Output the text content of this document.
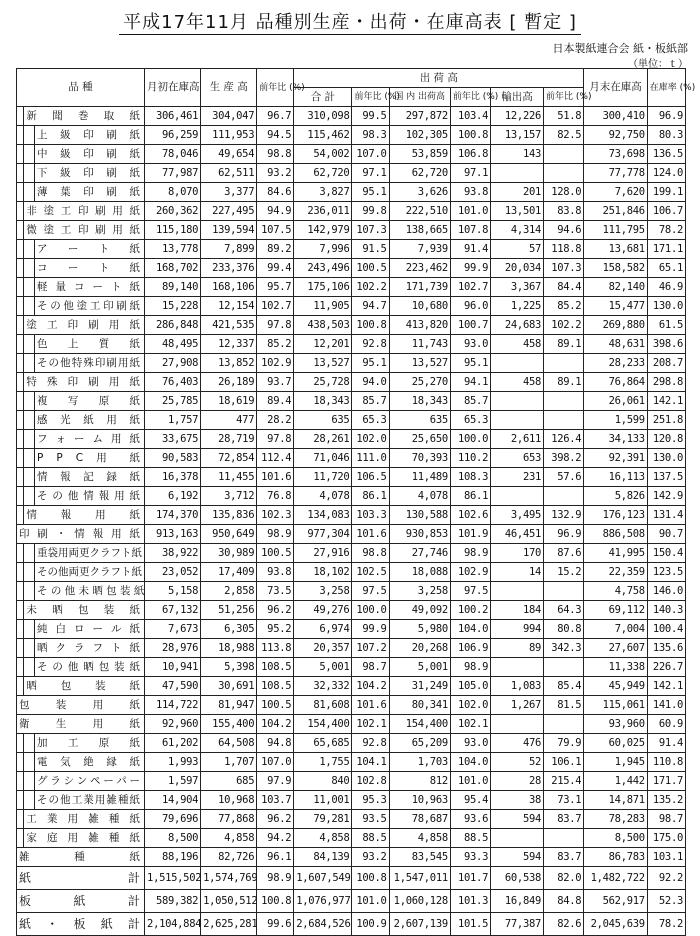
平成17年11月 品種別生産・出荷・在庫高表 [ 暫定 ]
日本製紙連合会 紙・板紙部
（単位：ｔ）
品 種			月初在庫高	生 産 高	前年比 (%)	出 荷 高						月末在庫高	在庫率 (%)
						合 計	前年比 (%)	国 内 出荷高	前年比 (%)	輸出高	前年比 (%)		
	新 聞 巻 取 紙		306,461	304,047	96.7	310,098	99.5	297,872	103.4	12,226	51.8	300,410	96.9
		上 級 印 刷 紙	96,259	111,953	94.5	115,462	98.3	102,305	100.8	13,157	82.5	92,750	80.3
		中 級 印 刷 紙	78,046	49,654	98.8	54,002	107.0	53,859	106.8	143		73,698	136.5
		下 級 印 刷 紙	77,987	62,511	93.2	62,720	97.1	62,720	97.1			77,778	124.0
		薄 葉 印 刷 紙	8,070	3,377	84.6	3,827	95.1	3,626	93.8	201	128.0	7,620	199.1
	非塗工印刷用紙		260,362	227,495	94.9	236,011	99.8	222,510	101.0	13,501	83.8	251,846	106.7
	微塗工印刷用紙		115,180	139,594	107.5	142,979	107.3	138,665	107.8	4,314	94.6	111,795	78.2
		ア ー ト 紙	13,778	7,899	89.2	7,996	91.5	7,939	91.4	57	118.8	13,681	171.1
		コ ー ト 紙	168,702	233,376	99.4	243,496	100.5	223,462	99.9	20,034	107.3	158,582	65.1
		軽 量 コ ー ト 紙	89,140	168,106	95.7	175,106	102.2	171,739	102.7	3,367	84.4	82,140	46.9
		その他塗工印刷紙	15,228	12,154	102.7	11,905	94.7	10,680	96.0	1,225	85.2	15,477	130.0
	塗 工 印 刷 用 紙		286,848	421,535	97.8	438,503	100.8	413,820	100.7	24,683	102.2	269,880	61.5
		色 上 質 紙	48,495	12,337	85.2	12,201	92.8	11,743	93.0	458	89.1	48,631	398.6
		その他特殊印刷用紙	27,908	13,852	102.9	13,527	95.1	13,527	95.1			28,233	208.7
	特 殊 印 刷 用 紙		76,403	26,189	93.7	25,728	94.0	25,270	94.1	458	89.1	76,864	298.8
		複 写 原 紙	25,785	18,619	89.4	18,343	85.7	18,343	85.7			26,061	142.1
		感 光 紙 用 紙	1,757	477	28.2	635	65.3	635	65.3			1,599	251.8
		フ ォ ー ム 用 紙	33,675	28,719	97.8	28,261	102.0	25,650	100.0	2,611	126.4	34,133	120.8
		P P C 用 紙	90,583	72,854	112.4	71,046	111.0	70,393	110.2	653	398.2	92,391	130.0
		情 報 記 録 紙	16,378	11,455	101.6	11,720	106.5	11,489	108.3	231	57.6	16,113	137.5
		その他情報用紙	6,192	3,712	76.8	4,078	86.1	4,078	86.1			5,826	142.9
	情 報 用 紙		174,370	135,836	102.3	134,083	103.3	130,588	102.6	3,495	132.9	176,123	131.4
印 刷 ・ 情 報 用 紙			913,163	950,649	98.9	977,304	101.6	930,853	101.9	46,451	96.9	886,508	90.7
		重袋用両更クラフト紙	38,922	30,989	100.5	27,916	98.8	27,746	98.9	170	87.6	41,995	150.4
		その他両更クラフト紙	23,052	17,409	93.8	18,102	102.5	18,088	102.9	14	15.2	22,359	123.5
		そ の 他 未 晒 包 装 紙	5,158	2,858	73.5	3,258	97.5	3,258	97.5			4,758	146.0
	未 晒 包 装 紙		67,132	51,256	96.2	49,276	100.0	49,092	100.2	184	64.3	69,112	140.3
		純 白 ロ ー ル 紙	7,673	6,305	95.2	6,974	99.9	5,980	104.0	994	80.8	7,004	100.4
		晒 ク ラ フ ト 紙	28,976	18,988	113.8	20,357	107.2	20,268	106.9	89	342.3	27,607	135.6
		そ の 他 晒 包 装 紙	10,941	5,398	108.5	5,001	98.7	5,001	98.9			11,338	226.7
	晒 包 装 紙		47,590	30,691	108.5	32,332	104.2	31,249	105.0	1,083	85.4	45,949	142.1
包 装 用 紙			114,722	81,947	100.5	81,608	101.6	80,341	102.0	1,267	81.5	115,061	141.0
衛 生 用 紙			92,960	155,400	104.2	154,400	102.1	154,400	102.1			93,960	60.9
		加 工 原 紙	61,202	64,508	94.8	65,685	92.8	65,209	93.0	476	79.9	60,025	91.4
		電 気 絶 縁 紙	1,993	1,707	107.0	1,755	104.1	1,703	104.0	52	106.1	1,945	110.8
		グラシンペーパー	1,597	685	97.9	840	102.8	812	101.0	28	215.4	1,442	171.7
		その他工業用雑種紙	14,904	10,968	103.7	11,001	95.3	10,963	95.4	38	73.1	14,871	135.2
	工 業 用 雑 種 紙		79,696	77,868	96.2	79,281	93.5	78,687	93.6	594	83.7	78,283	98.7
	家 庭 用 雑 種 紙		8,500	4,858	94.2	4,858	88.5	4,858	88.5			8,500	175.0
雑 種 紙			88,196	82,726	96.1	84,139	93.2	83,545	93.3	594	83.7	86,783	103.1
紙 計			1,515,502	1,574,769	98.9	1,607,549	100.8	1,547,011	101.7	60,538	82.0	1,482,722	92.2
板 紙 計			589,382	1,050,512	100.8	1,076,977	101.0	1,060,128	101.3	16,849	84.8	562,917	52.3
紙 ・ 板 紙 計			2,104,884	2,625,281	99.6	2,684,526	100.9	2,607,139	101.5	77,387	82.6	2,045,639	78.2
